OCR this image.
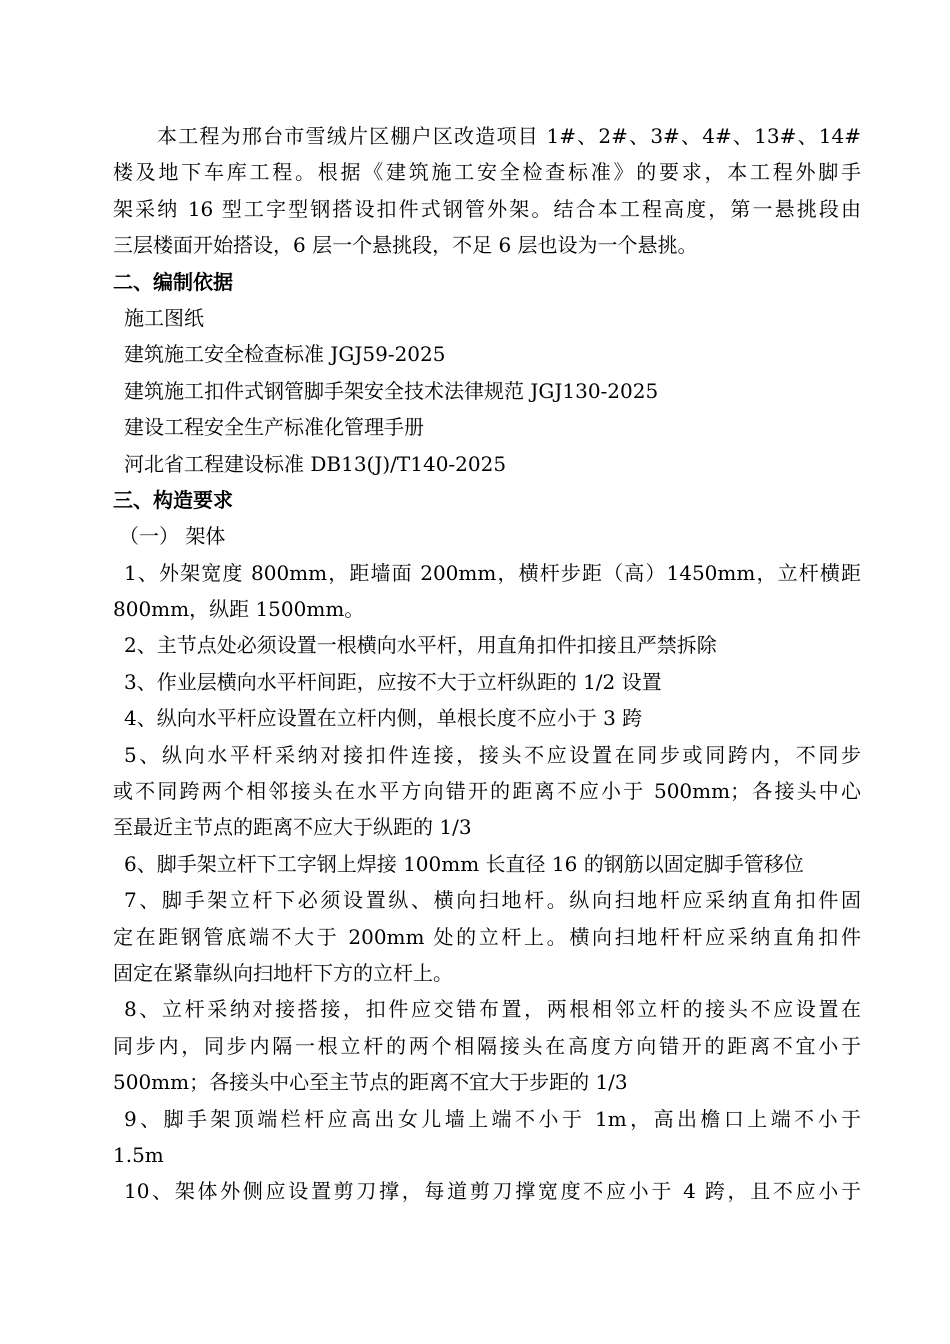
本工程为邢台市雪绒片区棚户区改造项目 1#、2#、3#、4#、13#、14#
楼及地下车库工程。根据《建筑施工安全检查标准》的要求，本工程外脚手
架采纳 16 型工字型钢搭设扣件式钢管外架。结合本工程高度，第一悬挑段由
三层楼面开始搭设，6 层一个悬挑段，不足 6 层也设为一个悬挑。
二、编制依据
施工图纸
建筑施工安全检查标准 JGJ59-2025
建筑施工扣件式钢管脚手架安全技术法律规范 JGJ130-2025
建设工程安全生产标准化管理手册
河北省工程建设标准 DB13(J)/T140-2025
三、构造要求
（一） 架体
1、外架宽度 800mm，距墙面 200mm，横杆步距（高）1450mm，立杆横距
800mm，纵距 1500mm。
2、主节点处必须设置一根横向水平杆，用直角扣件扣接且严禁拆除
3、作业层横向水平杆间距，应按不大于立杆纵距的 1/2 设置
4、纵向水平杆应设置在立杆内侧，单根长度不应小于 3 跨
5、纵向水平杆采纳对接扣件连接，接头不应设置在同步或同跨内，不同步
或不同跨两个相邻接头在水平方向错开的距离不应小于 500mm；各接头中心
至最近主节点的距离不应大于纵距的 1/3
6、脚手架立杆下工字钢上焊接 100mm 长直径 16 的钢筋以固定脚手管移位
7、脚手架立杆下必须设置纵、横向扫地杆。纵向扫地杆应采纳直角扣件固
定在距钢管底端不大于 200mm 处的立杆上。横向扫地杆杆应采纳直角扣件
固定在紧靠纵向扫地杆下方的立杆上。
8、立杆采纳对接搭接，扣件应交错布置，两根相邻立杆的接头不应设置在
同步内，同步内隔一根立杆的两个相隔接头在高度方向错开的距离不宜小于
500mm；各接头中心至主节点的距离不宜大于步距的 1/3
9、脚手架顶端栏杆应高出女儿墙上端不小于 1m，高出檐口上端不小于
1.5m
10、架体外侧应设置剪刀撑，每道剪刀撑宽度不应小于 4 跨，且不应小于
